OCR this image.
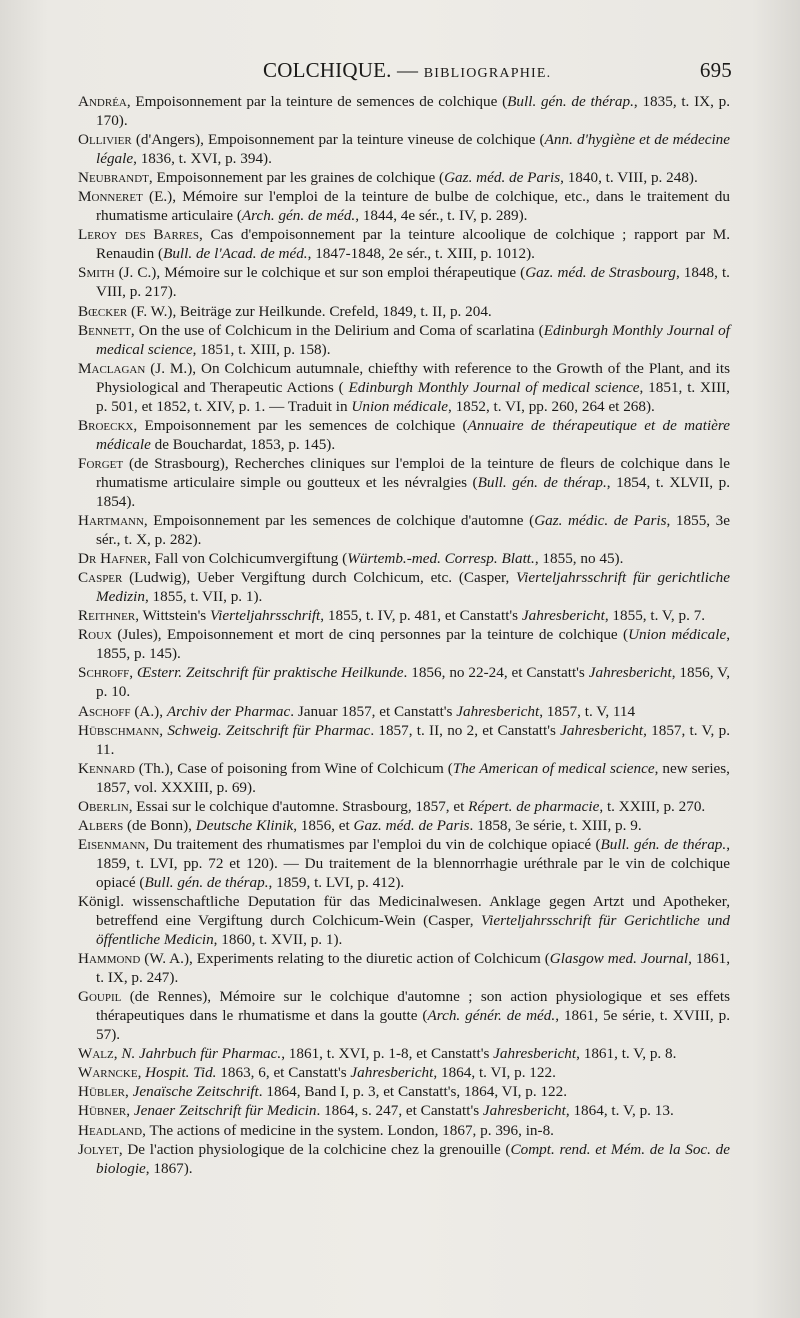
COLCHIQUE. — BIBLIOGRAPHIE.	695
Andréa, Empoisonnement par la teinture de semences de colchique (Bull. gén. de thérap., 1835, t. IX, p. 170).
Ollivier (d'Angers), Empoisonnement par la teinture vineuse de colchique (Ann. d'hygiène et de médecine légale, 1836, t. XVI, p. 394).
Neubrandt, Empoisonnement par les graines de colchique (Gaz. méd. de Paris, 1840, t. VIII, p. 248).
Monneret (E.), Mémoire sur l'emploi de la teinture de bulbe de colchique, etc., dans le traitement du rhumatisme articulaire (Arch. gén. de méd., 1844, 4e sér., t. IV, p. 289).
Leroy des Barres, Cas d'empoisonnement par la teinture alcoolique de colchique ; rapport par M. Renaudin (Bull. de l'Acad. de méd., 1847-1848, 2e sér., t. XIII, p. 1012).
Smith (J. C.), Mémoire sur le colchique et sur son emploi thérapeutique (Gaz. méd. de Strasbourg, 1848, t. VIII, p. 217).
Bœcker (F. W.), Beiträge zur Heilkunde. Crefeld, 1849, t. II, p. 204.
Bennett, On the use of Colchicum in the Delirium and Coma of scarlatina (Edinburgh Monthly Journal of medical science, 1851, t. XIII, p. 158).
Maclagan (J. M.), On Colchicum autumnale, chiefthy with reference to the Growth of the Plant, and its Physiological and Therapeutic Actions ( Edinburgh Monthly Journal of medical science, 1851, t. XIII, p. 501, et 1852, t. XIV, p. 1. — Traduit in Union médicale, 1852, t. VI, pp. 260, 264 et 268).
Broeckx, Empoisonnement par les semences de colchique (Annuaire de thérapeutique et de matière médicale de Bouchardat, 1853, p. 145).
Forget (de Strasbourg), Recherches cliniques sur l'emploi de la teinture de fleurs de colchique dans le rhumatisme articulaire simple ou goutteux et les névralgies (Bull. gén. de thérap., 1854, t. XLVII, p. 1854).
Hartmann, Empoisonnement par les semences de colchique d'automne (Gaz. médic. de Paris, 1855, 3e sér., t. X, p. 282).
Dr Hafner, Fall von Colchicumvergiftung (Würtemb.-med. Corresp. Blatt., 1855, no 45).
Casper (Ludwig), Ueber Vergiftung durch Colchicum, etc. (Casper, Vierteljahrsschrift für gerichtliche Medizin, 1855, t. VII, p. 1).
Reithner, Wittstein's Vierteljahrsschrift, 1855, t. IV, p. 481, et Canstatt's Jahresbericht, 1855, t. V, p. 7.
Roux (Jules), Empoisonnement et mort de cinq personnes par la teinture de colchique (Union médicale, 1855, p. 145).
Schroff, Œsterr. Zeitschrift für praktische Heilkunde. 1856, no 22-24, et Canstatt's Jahresbericht, 1856, V, p. 10.
Aschoff (A.), Archiv der Pharmac. Januar 1857, et Canstatt's Jahresbericht, 1857, t. V, 114
Hübschmann, Schweig. Zeitschrift für Pharmac. 1857, t. II, no 2, et Canstatt's Jahresbericht, 1857, t. V, p. 11.
Kennard (Th.), Case of poisoning from Wine of Colchicum (The American of medical science, new series, 1857, vol. XXXIII, p. 69).
Oberlin, Essai sur le colchique d'automne. Strasbourg, 1857, et Répert. de pharmacie, t. XXIII, p. 270.
Albers (de Bonn), Deutsche Klinik, 1856, et Gaz. méd. de Paris. 1858, 3e série, t. XIII, p. 9.
Eisenmann, Du traitement des rhumatismes par l'emploi du vin de colchique opiacé (Bull. gén. de thérap., 1859, t. LVI, pp. 72 et 120). — Du traitement de la blennorrhagie uréthrale par le vin de colchique opiacé (Bull. gén. de thérap., 1859, t. LVI, p. 412).
Königl. wissenschaftliche Deputation für das Medicinalwesen. Anklage gegen Artzt und Apotheker, betreffend eine Vergiftung durch Colchicum-Wein (Casper, Vierteljahrsschrift für Gerichtliche und öffentliche Medicin, 1860, t. XVII, p. 1).
Hammond (W. A.), Experiments relating to the diuretic action of Colchicum (Glasgow med. Journal, 1861, t. IX, p. 247).
Goupil (de Rennes), Mémoire sur le colchique d'automne ; son action physiologique et ses effets thérapeutiques dans le rhumatisme et dans la goutte (Arch. génér. de méd., 1861, 5e série, t. XVIII, p. 57).
Walz, N. Jahrbuch für Pharmac., 1861, t. XVI, p. 1-8, et Canstatt's Jahresbericht, 1861, t. V, p. 8.
Warncke, Hospit. Tid. 1863, 6, et Canstatt's Jahresbericht, 1864, t. VI, p. 122.
Hübler, Jenaïsche Zeitschrift. 1864, Band I, p. 3, et Canstatt's, 1864, VI, p. 122.
Hübner, Jenaer Zeitschrift für Medicin. 1864, s. 247, et Canstatt's Jahresbericht, 1864, t. V, p. 13.
Headland, The actions of medicine in the system. London, 1867, p. 396, in-8.
Jolyet, De l'action physiologique de la colchicine chez la grenouille (Compt. rend. et Mém. de la Soc. de biologie, 1867).
